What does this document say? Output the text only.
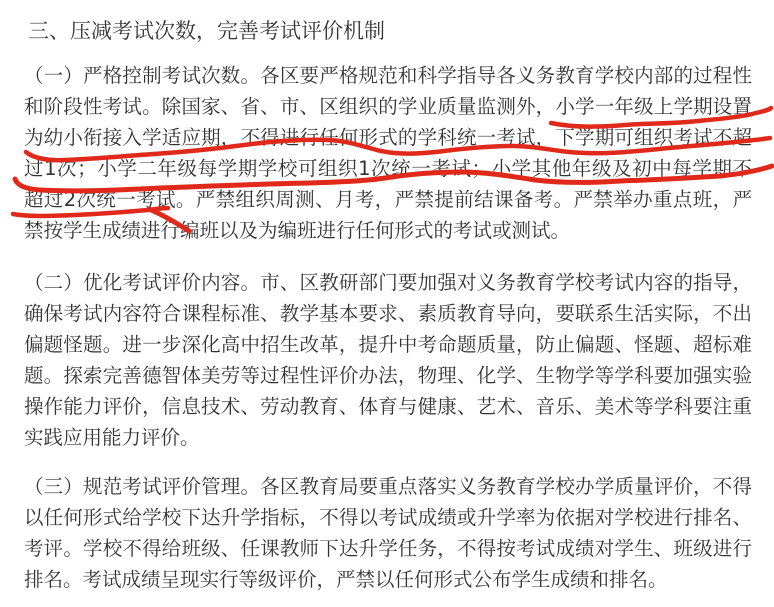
三、压减考试次数，完善考试评价机制
（一）严格控制考试次数。各区要严格规范和科学指导各义务教育学校内部的过程性
和阶段性考试。除国家、省、市、区组织的学业质量监测外，小学一年级上学期设置
为幼小衔接入学适应期，不得进行任何形式的学科统一考试，下学期可组织考试不超
过1次；小学二年级每学期学校可组织1次统一考试；小学其他年级及初中每学期不
超过2次统一考试。严禁组织周测、月考，严禁提前结课备考。严禁举办重点班，严
禁按学生成绩进行编班以及为编班进行任何形式的考试或测试。
（二）优化考试评价内容。市、区教研部门要加强对义务教育学校考试内容的指导，
确保考试内容符合课程标准、教学基本要求、素质教育导向，要联系生活实际，不出
偏题怪题。进一步深化高中招生改革，提升中考命题质量，防止偏题、怪题、超标难
题。探索完善德智体美劳等过程性评价办法，物理、化学、生物学等学科要加强实验
操作能力评价，信息技术、劳动教育、体育与健康、艺术、音乐、美术等学科要注重
实践应用能力评价。
（三）规范考试评价管理。各区教育局要重点落实义务教育学校办学质量评价，不得
以任何形式给学校下达升学指标，不得以考试成绩或升学率为依据对学校进行排名、
考评。学校不得给班级、任课教师下达升学任务，不得按考试成绩对学生、班级进行
排名。考试成绩呈现实行等级评价，严禁以任何形式公布学生成绩和排名。
